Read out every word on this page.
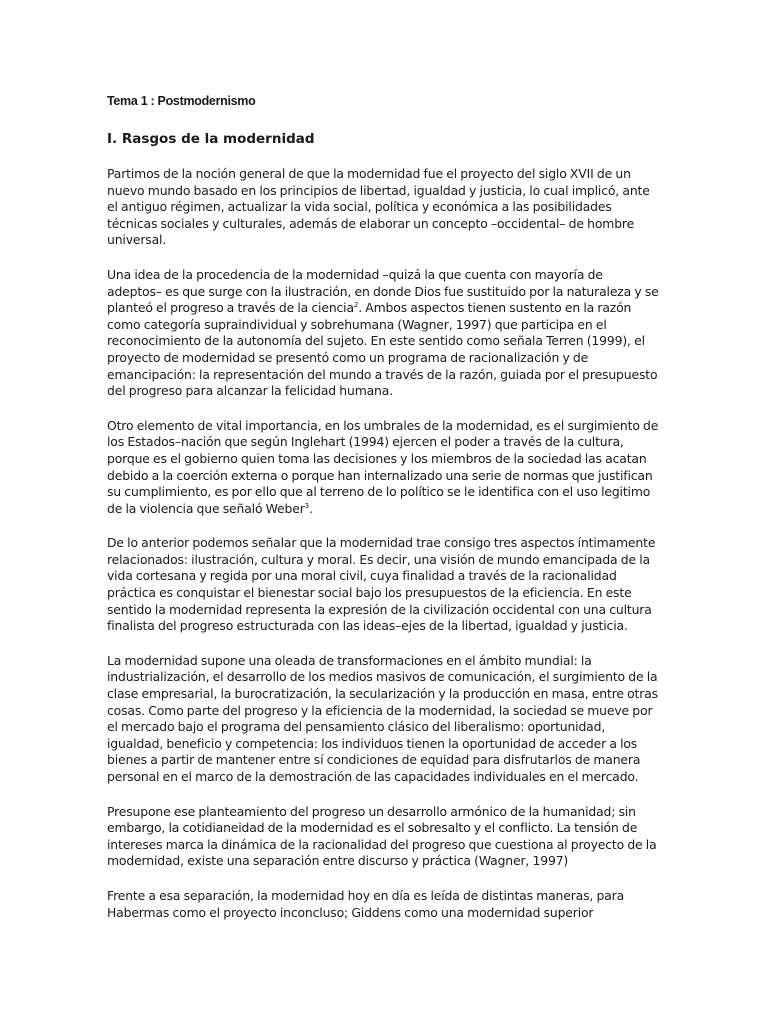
Tema 1 : Postmodernismo
I. Rasgos de la modernidad

Partimos de la noción general de que la modernidad fue el proyecto del siglo XVII de un nuevo mundo basado en los principios de libertad, igualdad y justicia, lo cual implicó, ante el antiguo régimen, actualizar la vida social, política y económica a las posibilidades técnicas sociales y culturales, además de elaborar un concepto –occidental– de hombre universal.

Una idea de la procedencia de la modernidad –quizá la que cuenta con mayoría de adeptos– es que surge con la ilustración, en donde Dios fue sustituido por la naturaleza y se planteó el progreso a través de la ciencia$^2$. Ambos aspectos tienen sustento en la razón como categoría supraindividual y sobrehumana (Wagner, 1997) que participa en el reconocimiento de la autonomía del sujeto. En este sentido como señala Terren (1999), el proyecto de modernidad se presentó como un programa de racionalización y de emancipación: la representación del mundo a través de la razón, guiada por el presupuesto del progreso para alcanzar la felicidad humana.

Otro elemento de vital importancia, en los umbrales de la modernidad, es el surgimiento de los Estados–nación que según Inglehart (1994) ejercen el poder a través de la cultura, porque es el gobierno quien toma las decisiones y los miembros de la sociedad las acatan debido a la coerción externa o porque han internalizado una serie de normas que justifican su cumplimiento, es por ello que al terreno de lo político se le identifica con el uso legitimo de la violencia que señaló Weber$^3$.

De lo anterior podemos señalar que la modernidad trae consigo tres aspectos íntimamente relacionados: ilustración, cultura y moral. Es decir, una visión de mundo emancipada de la vida cortesana y regida por una moral civil, cuya finalidad a través de la racionalidad práctica es conquistar el bienestar social bajo los presupuestos de la eficiencia. En este sentido la modernidad representa la expresión de la civilización occidental con una cultura finalista del progreso estructurada con las ideas–ejes de la libertad, igualdad y justicia.

La modernidad supone una oleada de transformaciones en el ámbito mundial: la industrialización, el desarrollo de los medios masivos de comunicación, el surgimiento de la clase empresarial, la burocratización, la secularización y la producción en masa, entre otras cosas. Como parte del progreso y la eficiencia de la modernidad, la sociedad se mueve por el mercado bajo el programa del pensamiento clásico del liberalismo: oportunidad, igualdad, beneficio y competencia: los individuos tienen la oportunidad de acceder a los bienes a partir de mantener entre sí condiciones de equidad para disfrutarlos de manera personal en el marco de la demostración de las capacidades individuales en el mercado.

Presupone ese planteamiento del progreso un desarrollo armónico de la humanidad; sin embargo, la cotidianeidad de la modernidad es el sobresalto y el conflicto. La tensión de intereses marca la dinámica de la racionalidad del progreso que cuestiona al proyecto de la modernidad, existe una separación entre discurso y práctica (Wagner, 1997)

Frente a esa separación, la modernidad hoy en día es leída de distintas maneras, para Habermas como el proyecto inconcluso; Giddens como una modernidad superior
